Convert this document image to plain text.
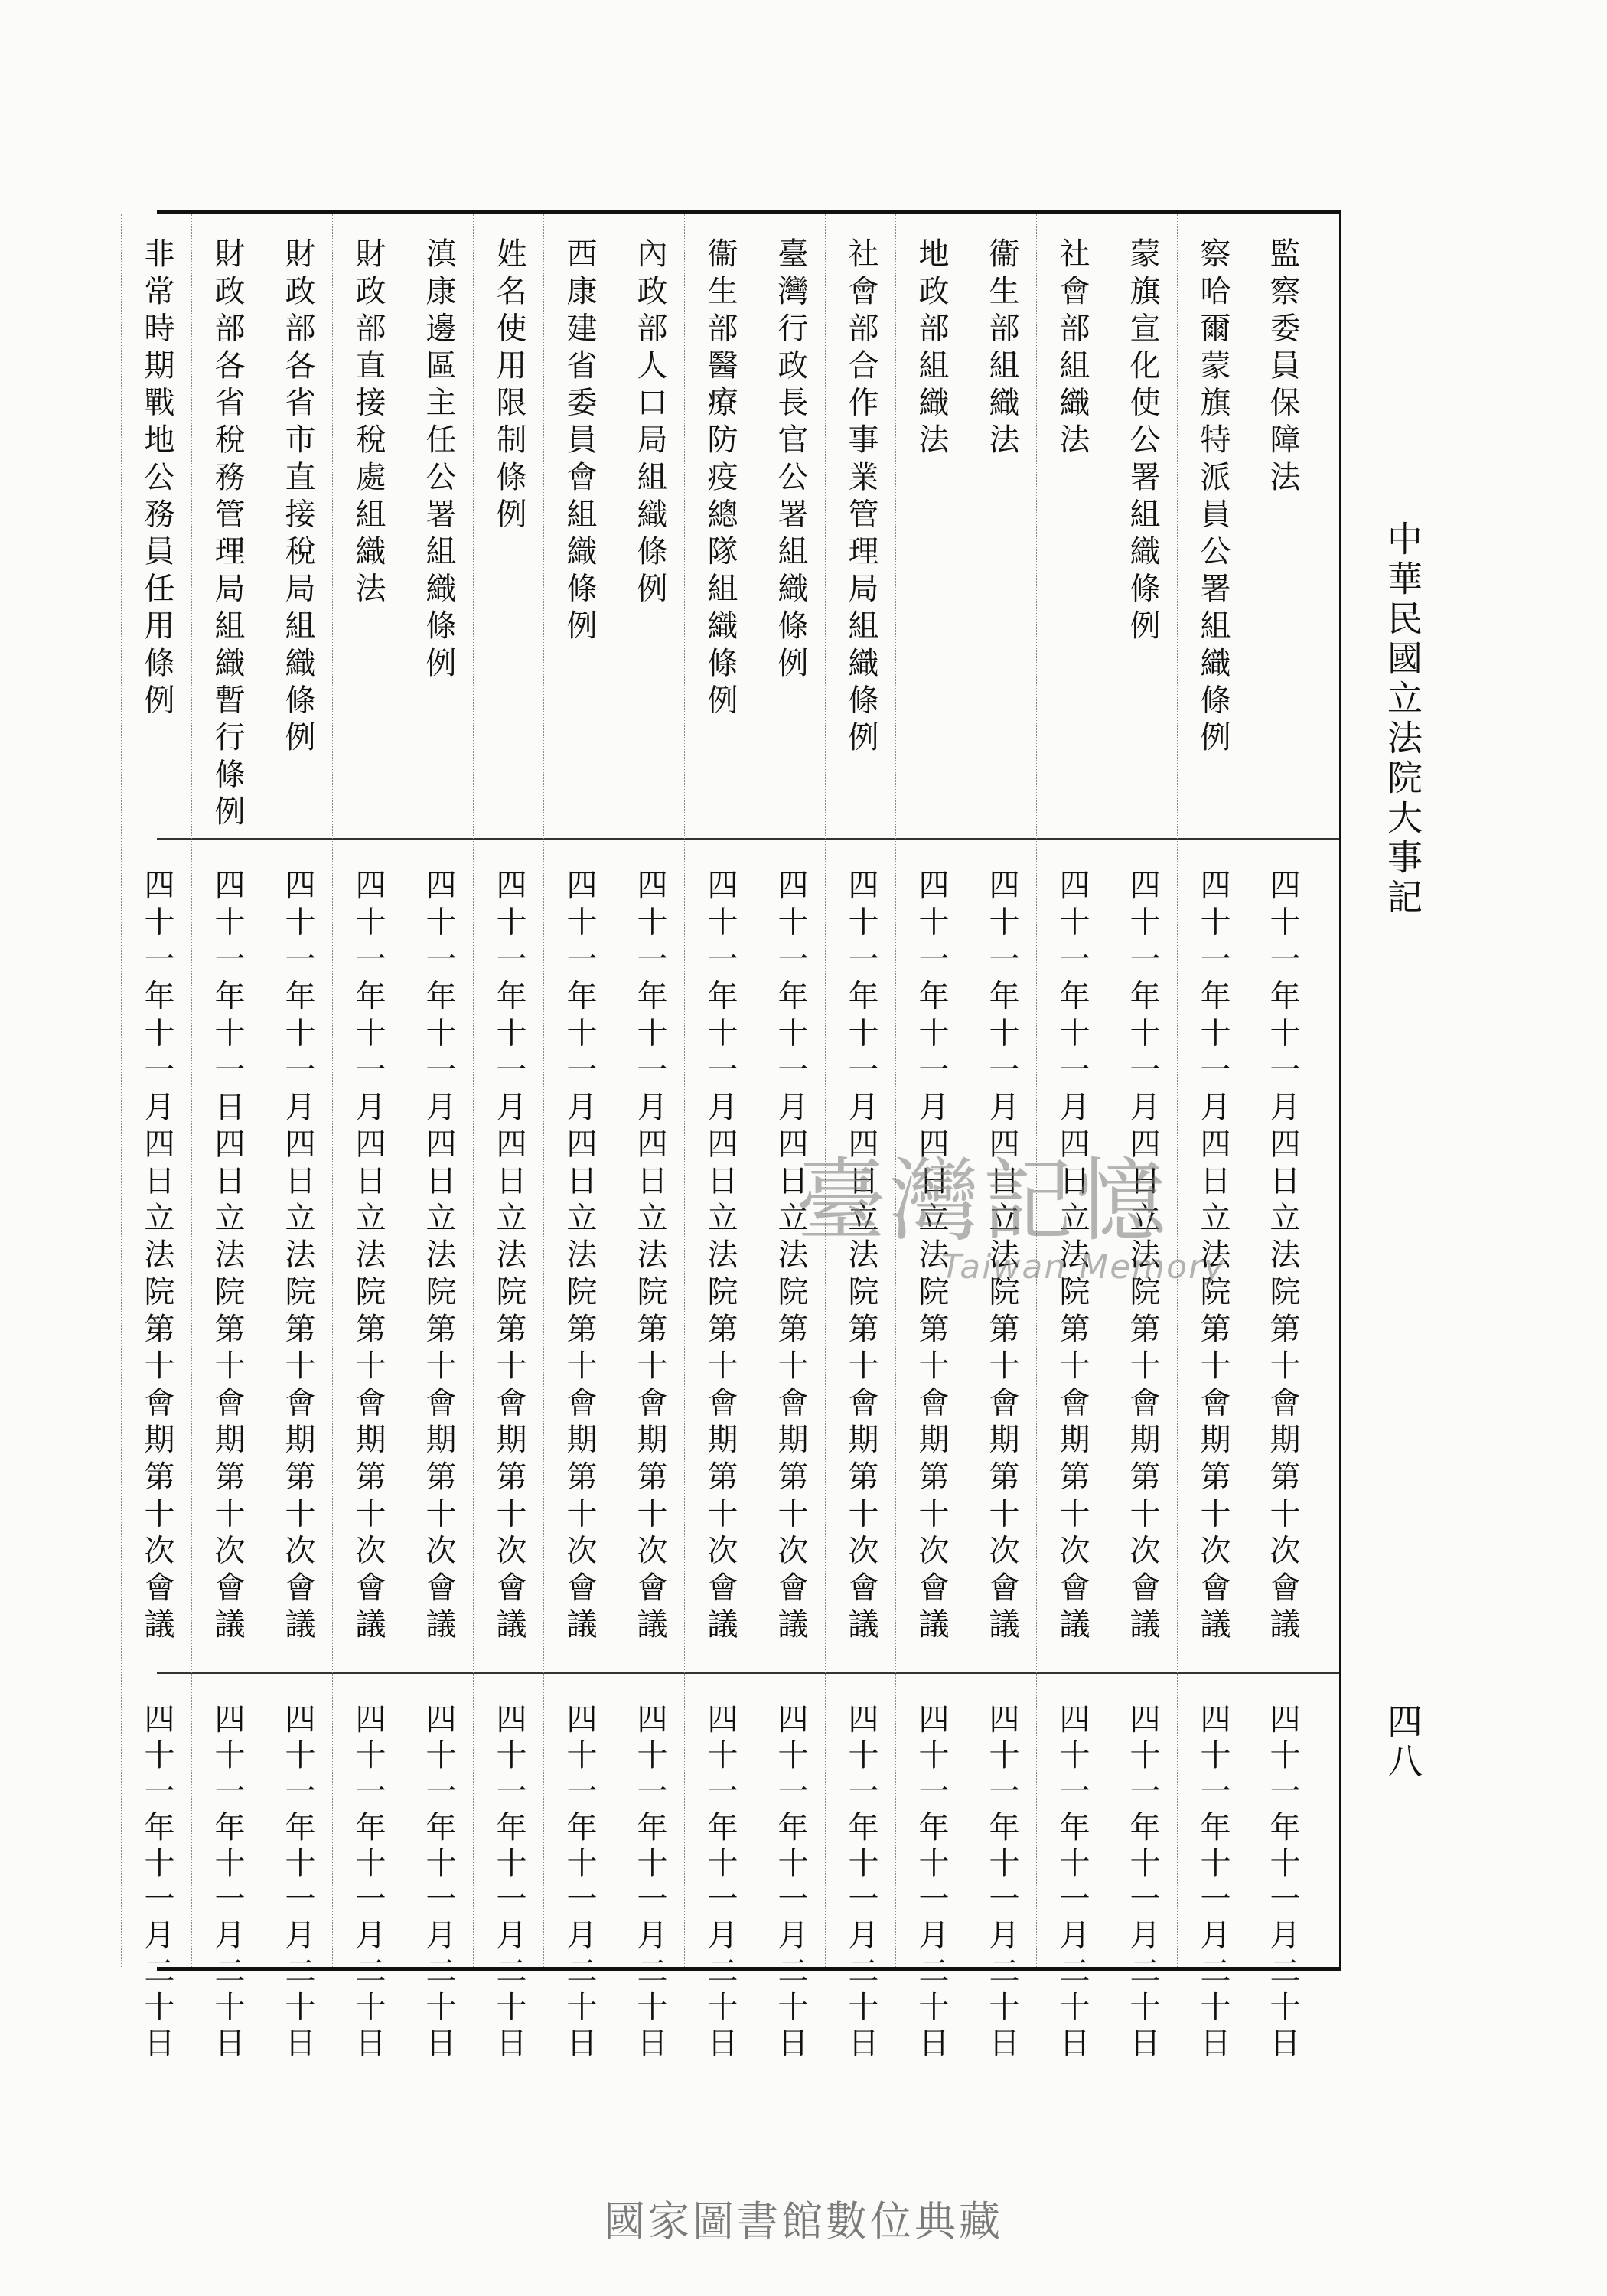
中華民國立法院大事記
四八
監察委員保障法
四十一年十一月四日立法院第十會期第十次會議
四十一年十一月二十日
察哈爾蒙旗特派員公署組織條例
四十一年十一月四日立法院第十會期第十次會議
四十一年十一月二十日
蒙旗宣化使公署組織條例
四十一年十一月四日立法院第十會期第十次會議
四十一年十一月二十日
社會部組織法
四十一年十一月四日立法院第十會期第十次會議
四十一年十一月二十日
衞生部組織法
四十一年十一月四日立法院第十會期第十次會議
四十一年十一月二十日
地政部組織法
四十一年十一月四日立法院第十會期第十次會議
四十一年十一月二十日
社會部合作事業管理局組織條例
四十一年十一月四日立法院第十會期第十次會議
四十一年十一月二十日
臺灣行政長官公署組織條例
四十一年十一月四日立法院第十會期第十次會議
四十一年十一月二十日
衞生部醫療防疫總隊組織條例
四十一年十一月四日立法院第十會期第十次會議
四十一年十一月二十日
內政部人口局組織條例
四十一年十一月四日立法院第十會期第十次會議
四十一年十一月二十日
西康建省委員會組織條例
四十一年十一月四日立法院第十會期第十次會議
四十一年十一月二十日
姓名使用限制條例
四十一年十一月四日立法院第十會期第十次會議
四十一年十一月二十日
滇康邊區主任公署組織條例
四十一年十一月四日立法院第十會期第十次會議
四十一年十一月二十日
財政部直接稅處組織法
四十一年十一月四日立法院第十會期第十次會議
四十一年十一月二十日
財政部各省市直接稅局組織條例
四十一年十一月四日立法院第十會期第十次會議
四十一年十一月二十日
財政部各省稅務管理局組織暫行條例
四十一年十一日四日立法院第十會期第十次會議
四十一年十一月二十日
非常時期戰地公務員任用條例
四十一年十一月四日立法院第十會期第十次會議
四十一年十一月二十日
臺灣記憶
Taiwan Memory
國家圖書館數位典藏
